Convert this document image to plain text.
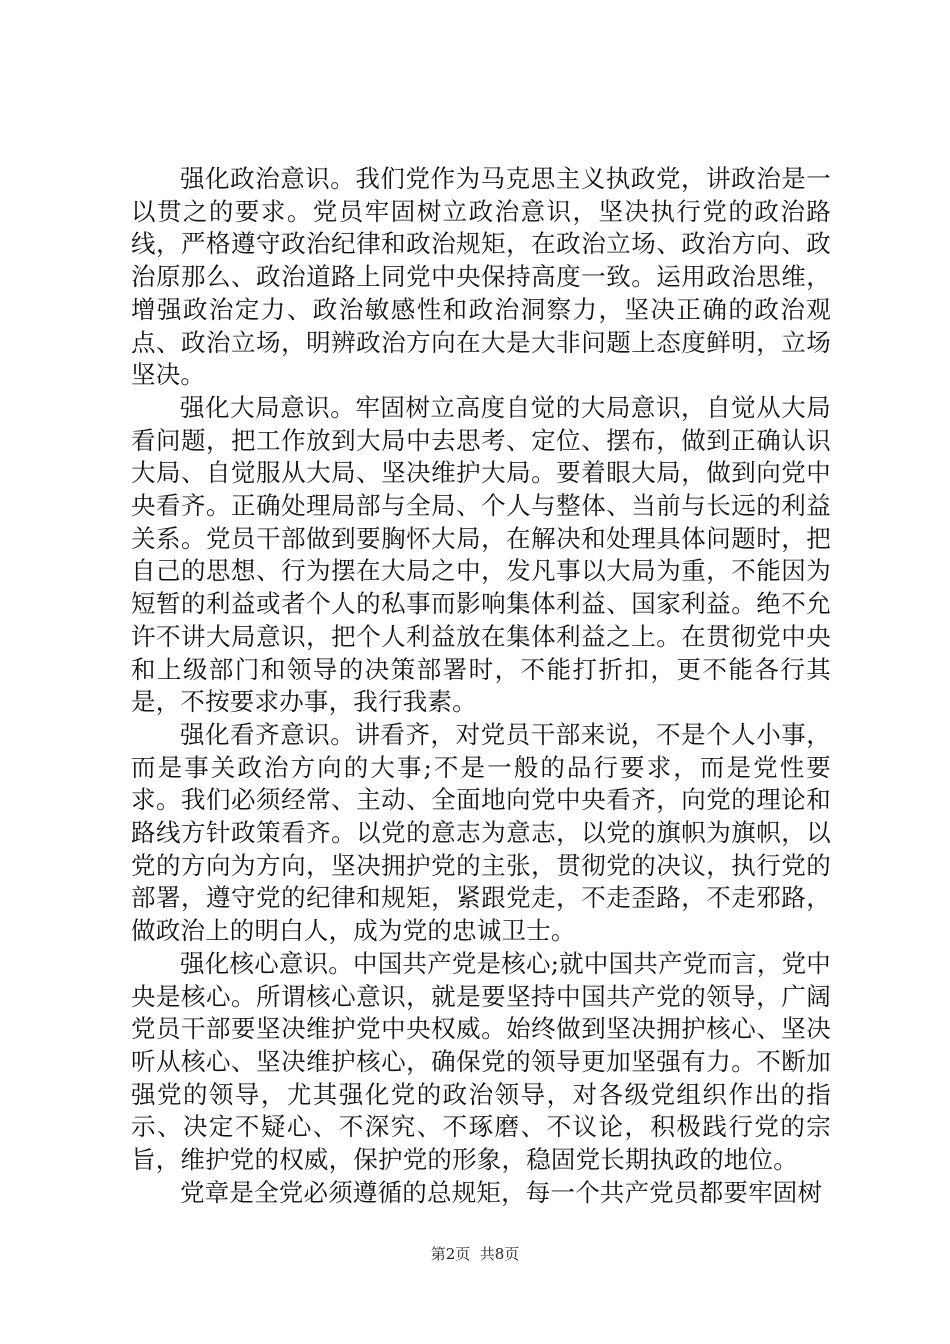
强化政治意识。我们党作为马克思主义执政党，讲政治是一以贯之的要求。党员牢固树立政治意识，坚决执行党的政治路线，严格遵守政治纪律和政治规矩，在政治立场、政治方向、政治原那么、政治道路上同党中央保持高度一致。运用政治思维，增强政治定力、政治敏感性和政治洞察力，坚决正确的政治观点、政治立场，明辨政治方向在大是大非问题上态度鲜明，立场坚决。

强化大局意识。牢固树立高度自觉的大局意识，自觉从大局看问题，把工作放到大局中去思考、定位、摆布，做到正确认识大局、自觉服从大局、坚决维护大局。要着眼大局，做到向党中央看齐。正确处理局部与全局、个人与整体、当前与长远的利益关系。党员干部做到要胸怀大局，在解决和处理具体问题时，把自己的思想、行为摆在大局之中，发凡事以大局为重，不能因为短暂的利益或者个人的私事而影响集体利益、国家利益。绝不允许不讲大局意识，把个人利益放在集体利益之上。在贯彻党中央和上级部门和领导的决策部署时，不能打折扣，更不能各行其是，不按要求办事，我行我素。

强化看齐意识。讲看齐，对党员干部来说，不是个人小事，而是事关政治方向的大事;不是一般的品行要求，而是党性要求。我们必须经常、主动、全面地向党中央看齐，向党的理论和路线方针政策看齐。以党的意志为意志，以党的旗帜为旗帜，以党的方向为方向，坚决拥护党的主张，贯彻党的决议，执行党的部署，遵守党的纪律和规矩，紧跟党走，不走歪路，不走邪路，做政治上的明白人，成为党的忠诚卫士。

强化核心意识。中国共产党是核心;就中国共产党而言，党中央是核心。所谓核心意识，就是要坚持中国共产党的领导，广阔党员干部要坚决维护党中央权威。始终做到坚决拥护核心、坚决听从核心、坚决维护核心，确保党的领导更加坚强有力。不断加强党的领导，尤其强化党的政治领导，对各级党组织作出的指示、决定不疑心、不深究、不琢磨、不议论，积极践行党的宗旨，维护党的权威，保护党的形象，稳固党长期执政的地位。

党章是全党必须遵循的总规矩，每一个共产党员都要牢固树

第2页  共8页
